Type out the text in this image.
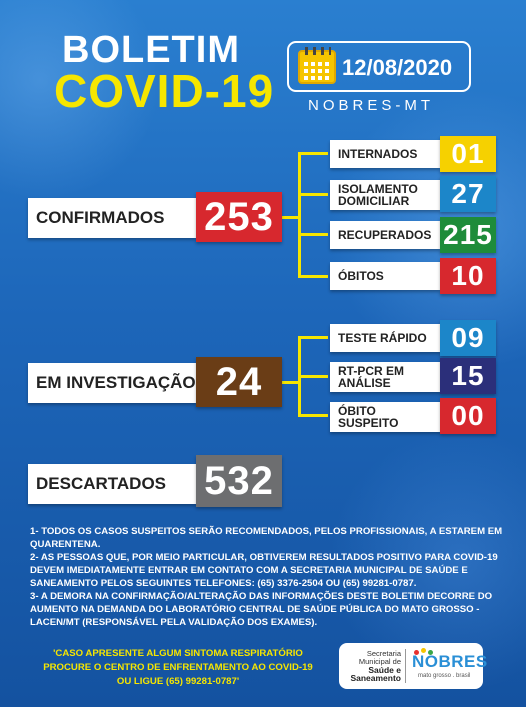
BOLETIM
COVID-19	12/08/2020
NOBRES-MT
CONFIRMADOS 253
INTERNADOS	01
ISOLAMENTO DOMICILIAR	27
RECUPERADOS 215
ÓBITOS	10
EM INVESTIGAÇÃO 24
TESTE RÁPIDO 09
RT-PCR EM ANÁLISE	15
ÓBITO SUSPEITO	00
DESCARTADOS 532

1- TODOS OS CASOS SUSPEITOS SERÃO RECOMENDADOS, PELOS PROFISSIONAIS, A ESTAREM EM QUARENTENA.

2- AS PESSOAS QUE, POR MEIO PARTICULAR, OBTIVEREM RESULTADOS POSITIVO PARA COVID-19 DEVEM IMEDIATAMENTE ENTRAR EM CONTATO COM A SECRETARIA MUNICIPAL DE SAÚDE E SANEAMENTO PELOS SEGUINTES TELEFONES: (65) 3376-2504 OU (65) 99281-0787.

3- A DEMORA NA CONFIRMAÇÃO/ALTERAÇÃO DAS INFORMAÇÕES DESTE BOLETIM DECORRE DO AUMENTO NA DEMANDA DO LABORATÓRIO CENTRAL DE SAÚDE PÚBLICA DO MATO GROSSO - LACEN/MT (RESPONSÁVEL PELA VALIDAÇÃO DOS EXAMES).

'CASO APRESENTE ALGUM SINTOMA RESPIRATÓRIO
PROCURE O CENTRO DE ENFRENTAMENTO AO COVID-19
OU LIGUE (65) 99281-0787'
Secretaria
Municipal de
Saúde e
Saneamento
NOBRES
mato grosso . brasil
